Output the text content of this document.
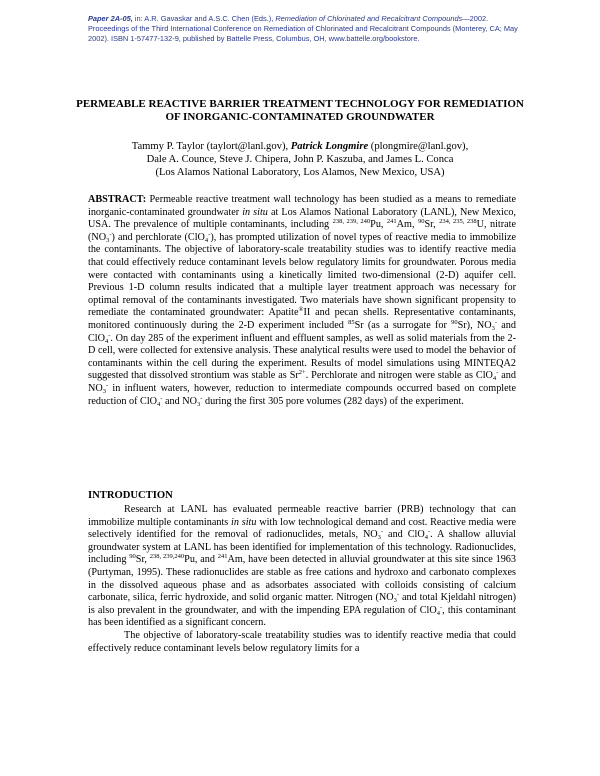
Paper 2A-05, in: A.R. Gavaskar and A.S.C. Chen (Eds.), Remediation of Chlorinated and Recalcitrant Compounds—2002. Proceedings of the Third International Conference on Remediation of Chlorinated and Recalcitrant Compounds (Monterey, CA; May 2002). ISBN 1-57477-132-9, published by Battelle Press, Columbus, OH, www.battelle.org/bookstore.
PERMEABLE REACTIVE BARRIER TREATMENT TECHNOLOGY FOR REMEDIATION OF INORGANIC-CONTAMINATED GROUNDWATER
Tammy P. Taylor (taylort@lanl.gov), Patrick Longmire (plongmire@lanl.gov),
Dale A. Counce, Steve J. Chipera, John P. Kaszuba, and James L. Conca
(Los Alamos National Laboratory, Los Alamos, New Mexico, USA)
ABSTRACT: Permeable reactive treatment wall technology has been studied as a means to remediate inorganic-contaminated groundwater in situ at Los Alamos National Laboratory (LANL), New Mexico, USA. The prevalence of multiple contaminants, including $^{238, 239, 240}$Pu, $^{241}$Am, $^{90}$Sr, $^{234, 235, 238}$U, nitrate $(NO_3^-)$ and perchlorate (ClO$_4$-), has prompted utilization of novel types of reactive media to immobilize the contaminants. The objective of laboratory-scale treatability studies was to identify reactive media that could effectively reduce contaminant levels below regulatory limits for groundwater. Porous media were contacted with contaminants using a kinetically limited two-dimensional (2-D) aquifer cell. Previous 1-D column results indicated that a multiple layer treatment approach was necessary for optimal removal of the contaminants investigated. Two materials have shown significant propensity to remediate the contaminated groundwater: Apatite®II and pecan shells. Representative contaminants, monitored continuously during the 2-D experiment included $^{85}$Sr (as a surrogate for $^{90}$Sr), $NO_3^-$ and ClO$_4$-. On day 285 of the experiment influent and effluent samples, as well as solid materials from the 2-D cell, were collected for extensive analysis. These analytical results were used to model the behavior of contaminants within the cell during the experiment. Results of model simulations using MINTEQA2 suggested that dissolved strontium was stable as $Sr^{2+}$. Perchlorate and nitrogen were stable as ClO$_4$- and $NO_3^-$ in influent waters, however, reduction to intermediate compounds occurred based on complete reduction of ClO$_4$- and $NO_3^-$ during the first 305 pore volumes (282 days) of the experiment.
INTRODUCTION

Research at LANL has evaluated permeable reactive barrier (PRB) technology that can immobilize multiple contaminants in situ with low technological demand and cost. Reactive media were selectively identified for the removal of radionuclides, metals, $NO_3^-$ and ClO$_4$-. A shallow alluvial groundwater system at LANL has been identified for implementation of this technology. Radionuclides, including $^{90}$Sr, $^{238, 239,240}$Pu, and $^{241}$Am, have been detected in alluvial groundwater at this site since 1963 (Purtyman, 1995). These radionuclides are stable as free cations and hydroxo and carbonato complexes in the dissolved aqueous phase and as adsorbates associated with colloids consisting of calcium carbonate, silica, ferric hydroxide, and solid organic matter. Nitrogen ($NO_3^-$ and total Kjeldahl nitrogen) is also prevalent in the groundwater, and with the impending EPA regulation of ClO$_4$-, this contaminant has been identified as a significant concern.

The objective of laboratory-scale treatability studies was to identify reactive media that could effectively reduce contaminant levels below regulatory limits for a
